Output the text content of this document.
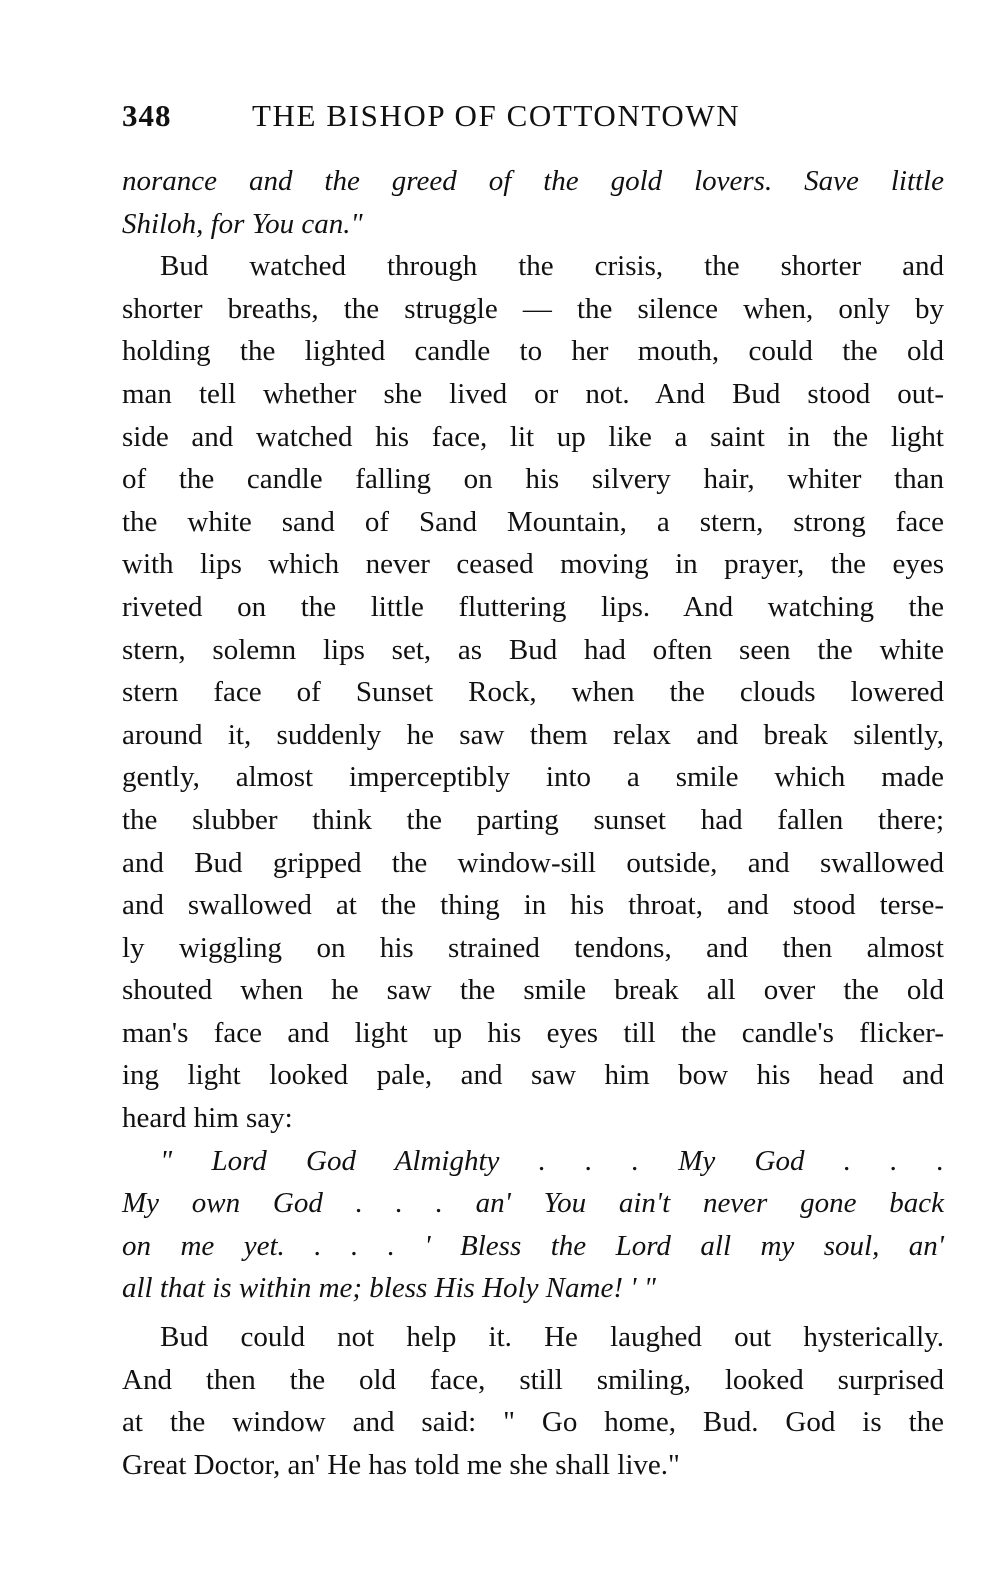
348	THE BISHOP OF COTTONTOWN
norance and the greed of the gold lovers. Save little
Shiloh, for You can."
Bud watched through the crisis, the shorter and
shorter breaths, the struggle — the silence when, only by
holding the lighted candle to her mouth, could the old
man tell whether she lived or not. And Bud stood out-
side and watched his face, lit up like a saint in the light
of the candle falling on his silvery hair, whiter than
the white sand of Sand Mountain, a stern, strong face
with lips which never ceased moving in prayer, the eyes
riveted on the little fluttering lips. And watching the
stern, solemn lips set, as Bud had often seen the white
stern face of Sunset Rock, when the clouds lowered
around it, suddenly he saw them relax and break silently,
gently, almost imperceptibly into a smile which made
the slubber think the parting sunset had fallen there;
and Bud gripped the window-sill outside, and swallowed
and swallowed at the thing in his throat, and stood terse-
ly wiggling on his strained tendons, and then almost
shouted when he saw the smile break all over the old
man's face and light up his eyes till the candle's flicker-
ing light looked pale, and saw him bow his head and
heard him say:
" Lord God Almighty . . . My God . . .
My own God . . . an' You ain't never gone back
on me yet. . . . ' Bless the Lord all my soul, an'
all that is within me; bless His Holy Name! ' "
Bud could not help it. He laughed out hysterically.
And then the old face, still smiling, looked surprised
at the window and said: " Go home, Bud. God is the
Great Doctor, an' He has told me she shall live."
